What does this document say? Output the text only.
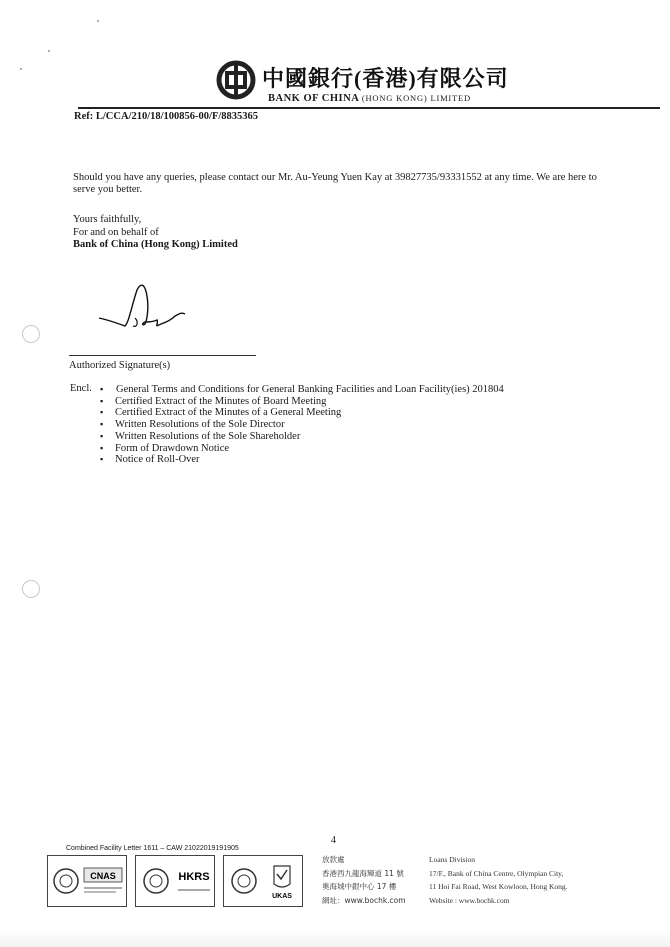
中國銀行(香港)有限公司
BANK OF CHINA (HONG KONG) LIMITED
Ref: L/CCA/210/18/100856-00/F/8835365
Should you have any queries, please contact our Mr. Au-Yeung Yuen Kay at 39827735/93331552 at any time. We are here to serve you better.
Yours faithfully,
For and on behalf of
Bank of China (Hong Kong) Limited
Authorized Signature(s)
Encl.
▪	General Terms and Conditions for General Banking Facilities and Loan Facility(ies) 201804
▪ Certified Extract of the Minutes of Board Meeting
▪ Certified Extract of the Minutes of a General Meeting
▪ Written Resolutions of the Sole Director
▪ Written Resolutions of the Sole Shareholder
▪ Form of Drawdown Notice
▪ Notice of Roll-Over
4
Combined Facility Letter 1611 – CAW 21022019191905
CNAS	HKRS
UKAS
放款處
香港西九龍海輝道 11 號
奧海城中銀中心 17 樓
網址：www.bochk.com
Loans Division
17/F., Bank of China Centre, Olympian City,
11 Hoi Fai Road, West Kowloon, Hong Kong.
Website : www.bochk.com
